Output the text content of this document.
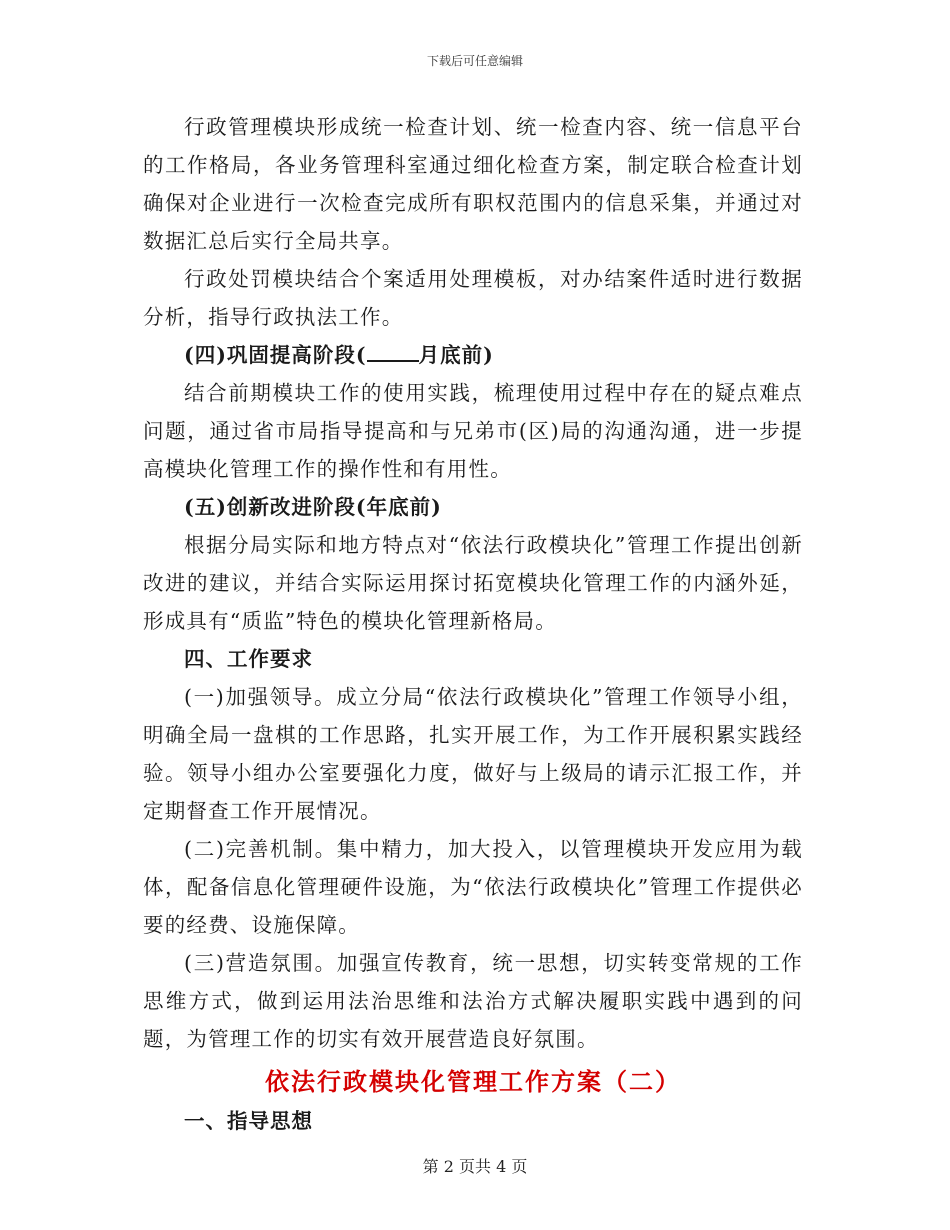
下载后可任意编辑

行政管理模块形成统一检查计划、统一检查内容、统一信息平台的工作格局，各业务管理科室通过细化检查方案，制定联合检查计划确保对企业进行一次检查完成所有职权范围内的信息采集，并通过对数据汇总后实行全局共享。

行政处罚模块结合个案适用处理模板，对办结案件适时进行数据分析，指导行政执法工作。

(四)巩固提高阶段(	月底前)

结合前期模块工作的使用实践，梳理使用过程中存在的疑点难点问题，通过省市局指导提高和与兄弟市(区)局的沟通沟通，进一步提高模块化管理工作的操作性和有用性。

(五)创新改进阶段(年底前)

根据分局实际和地方特点对“依法行政模块化”管理工作提出创新改进的建议，并结合实际运用探讨拓宽模块化管理工作的内涵外延，形成具有“质监”特色的模块化管理新格局。

四、工作要求

(一)加强领导。成立分局“依法行政模块化”管理工作领导小组，明确全局一盘棋的工作思路，扎实开展工作，为工作开展积累实践经验。领导小组办公室要强化力度，做好与上级局的请示汇报工作，并定期督查工作开展情况。

(二)完善机制。集中精力，加大投入，以管理模块开发应用为载体，配备信息化管理硬件设施，为“依法行政模块化”管理工作提供必要的经费、设施保障。

(三)营造氛围。加强宣传教育，统一思想，切实转变常规的工作思维方式，做到运用法治思维和法治方式解决履职实践中遇到的问题，为管理工作的切实有效开展营造良好氛围。

依法行政模块化管理工作方案（二）

一、指导思想

第 2 页共 4 页
